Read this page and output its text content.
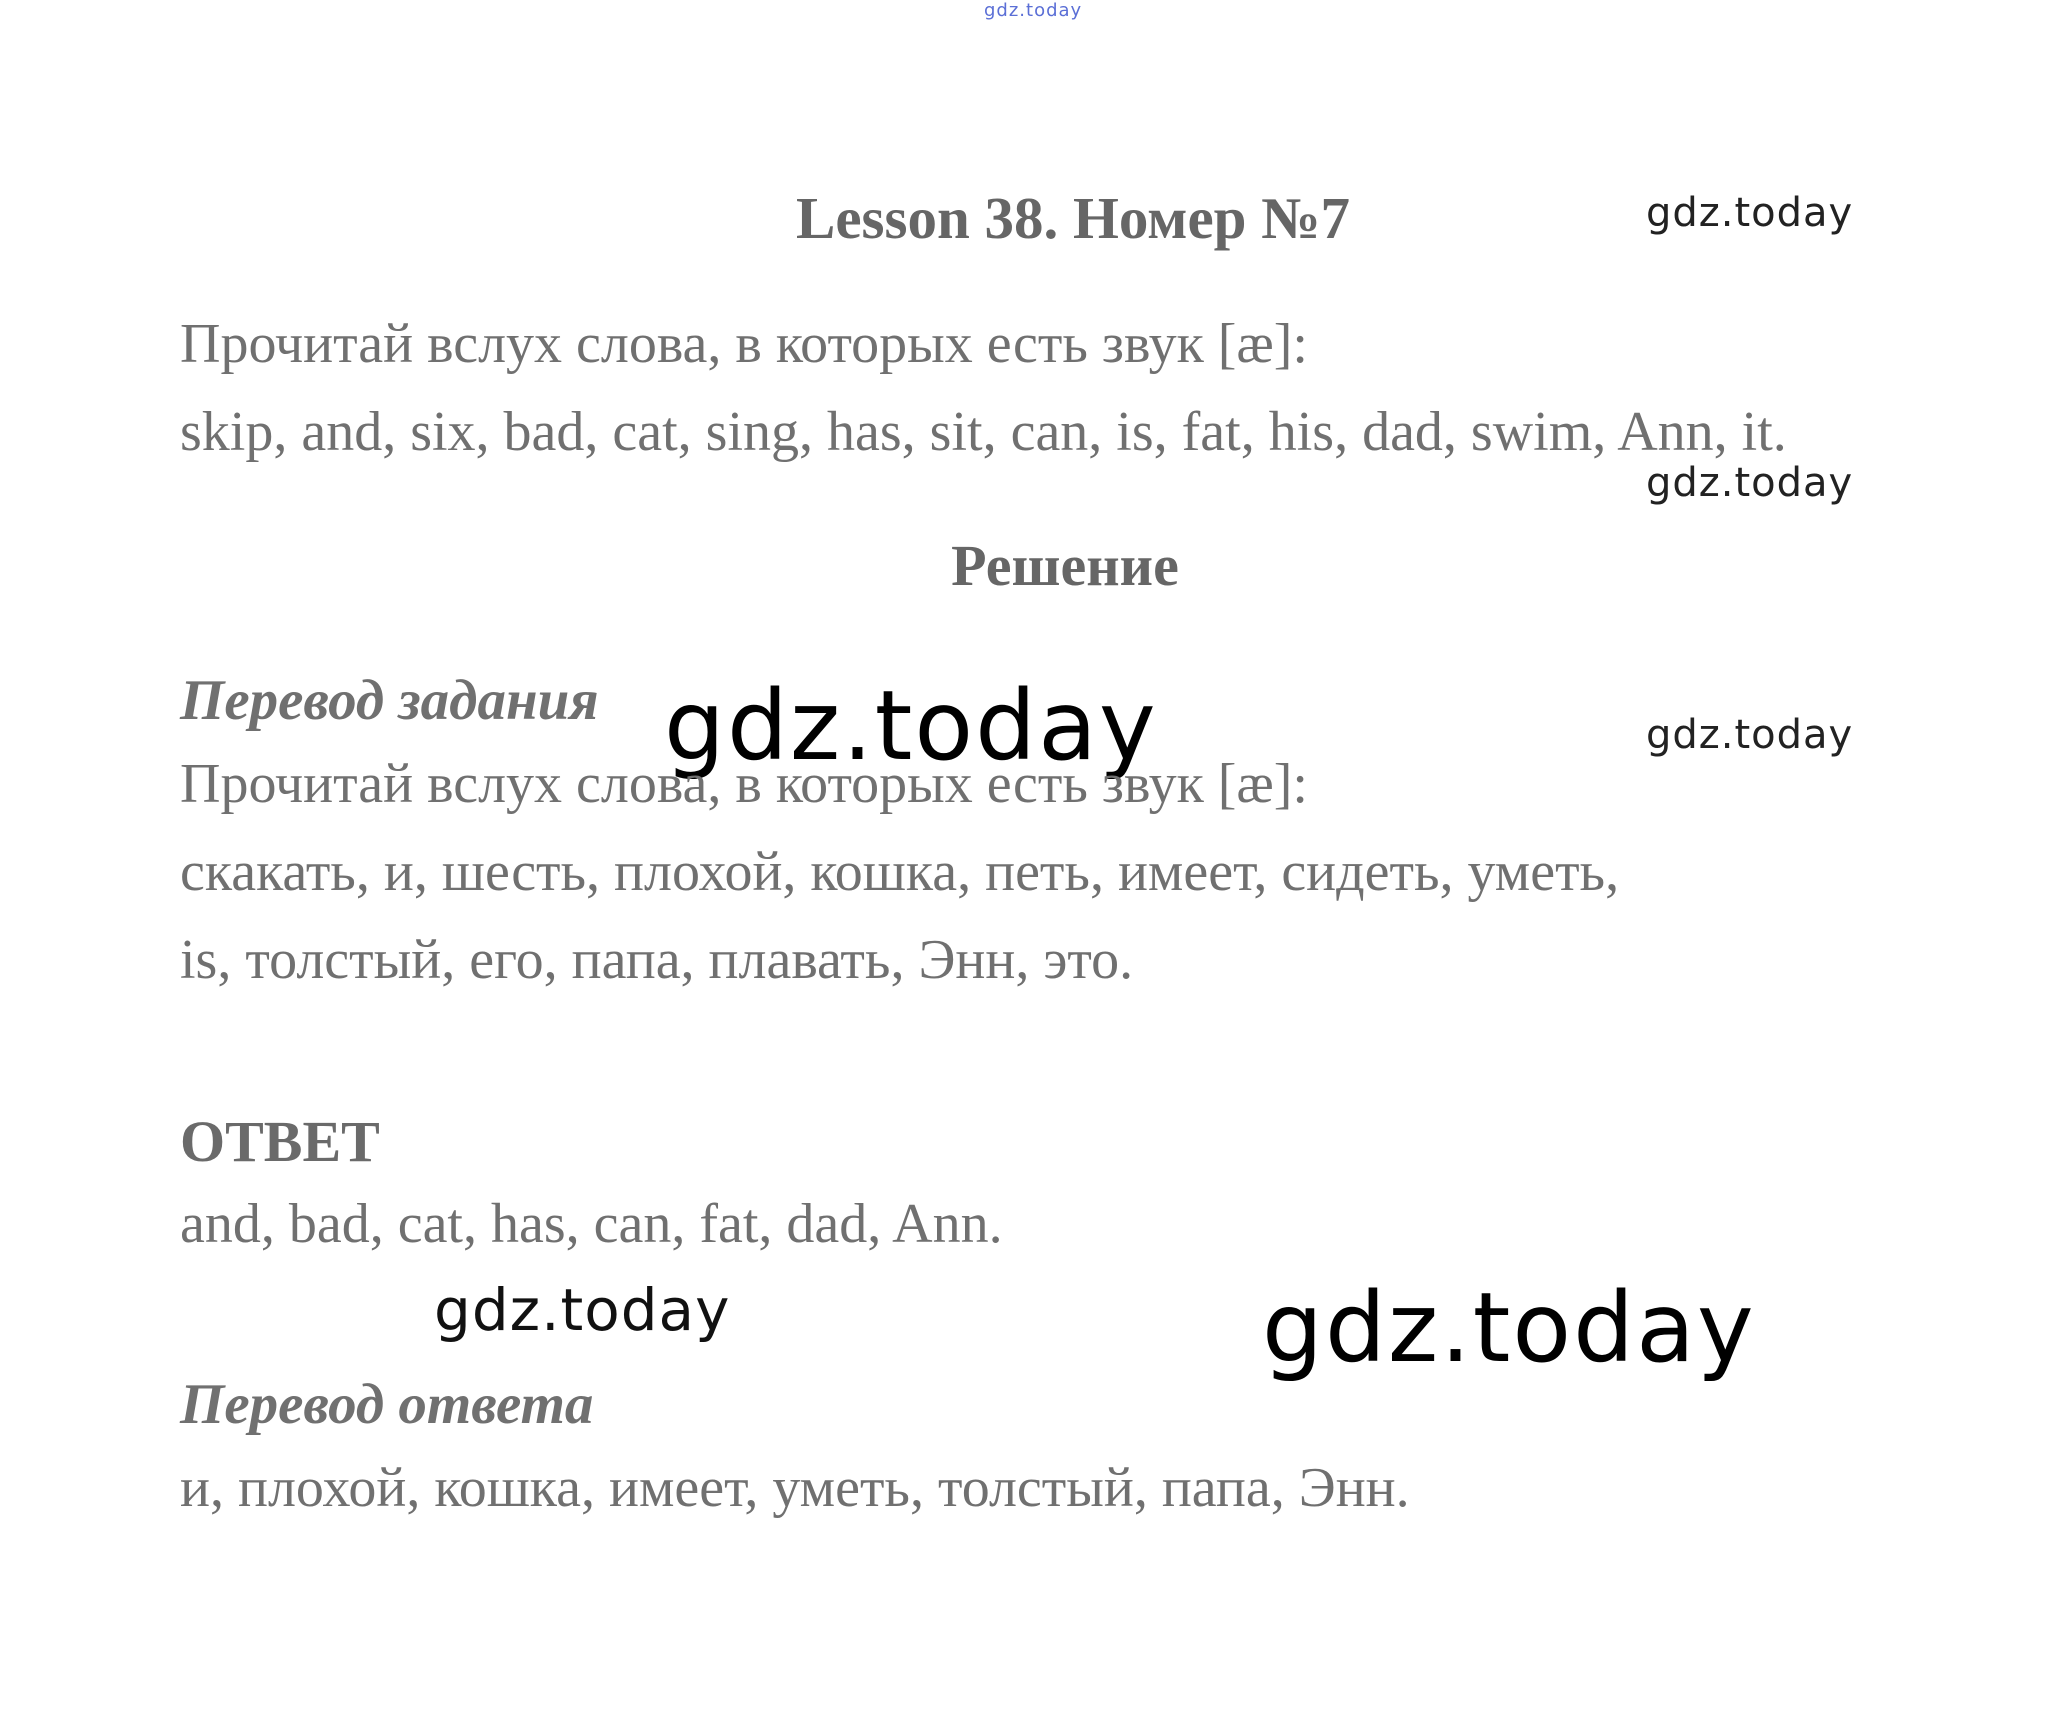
gdz.today
gdz.today
gdz.today
gdz.today
gdz.today
gdz.today	gdz.today
Lesson 38. Номер №7

Прочитай вслух слова, в которых есть звук [æ]:

skip, and, six, bad, cat, sing, has, sit, can, is, fat, his, dad, swim, Ann, it.

Решение
Перевод задания

Прочитай вслух слова, в которых есть звук [æ]:

скакать, и, шесть, плохой, кошка, петь, имеет, сидеть, уметь,

is, толстый, его, папа, плавать, Энн, это.

ОТВЕТ

and, bad, cat, has, can, fat, dad, Ann.

Перевод ответа

и, плохой, кошка, имеет, уметь, толстый, папа, Энн.
